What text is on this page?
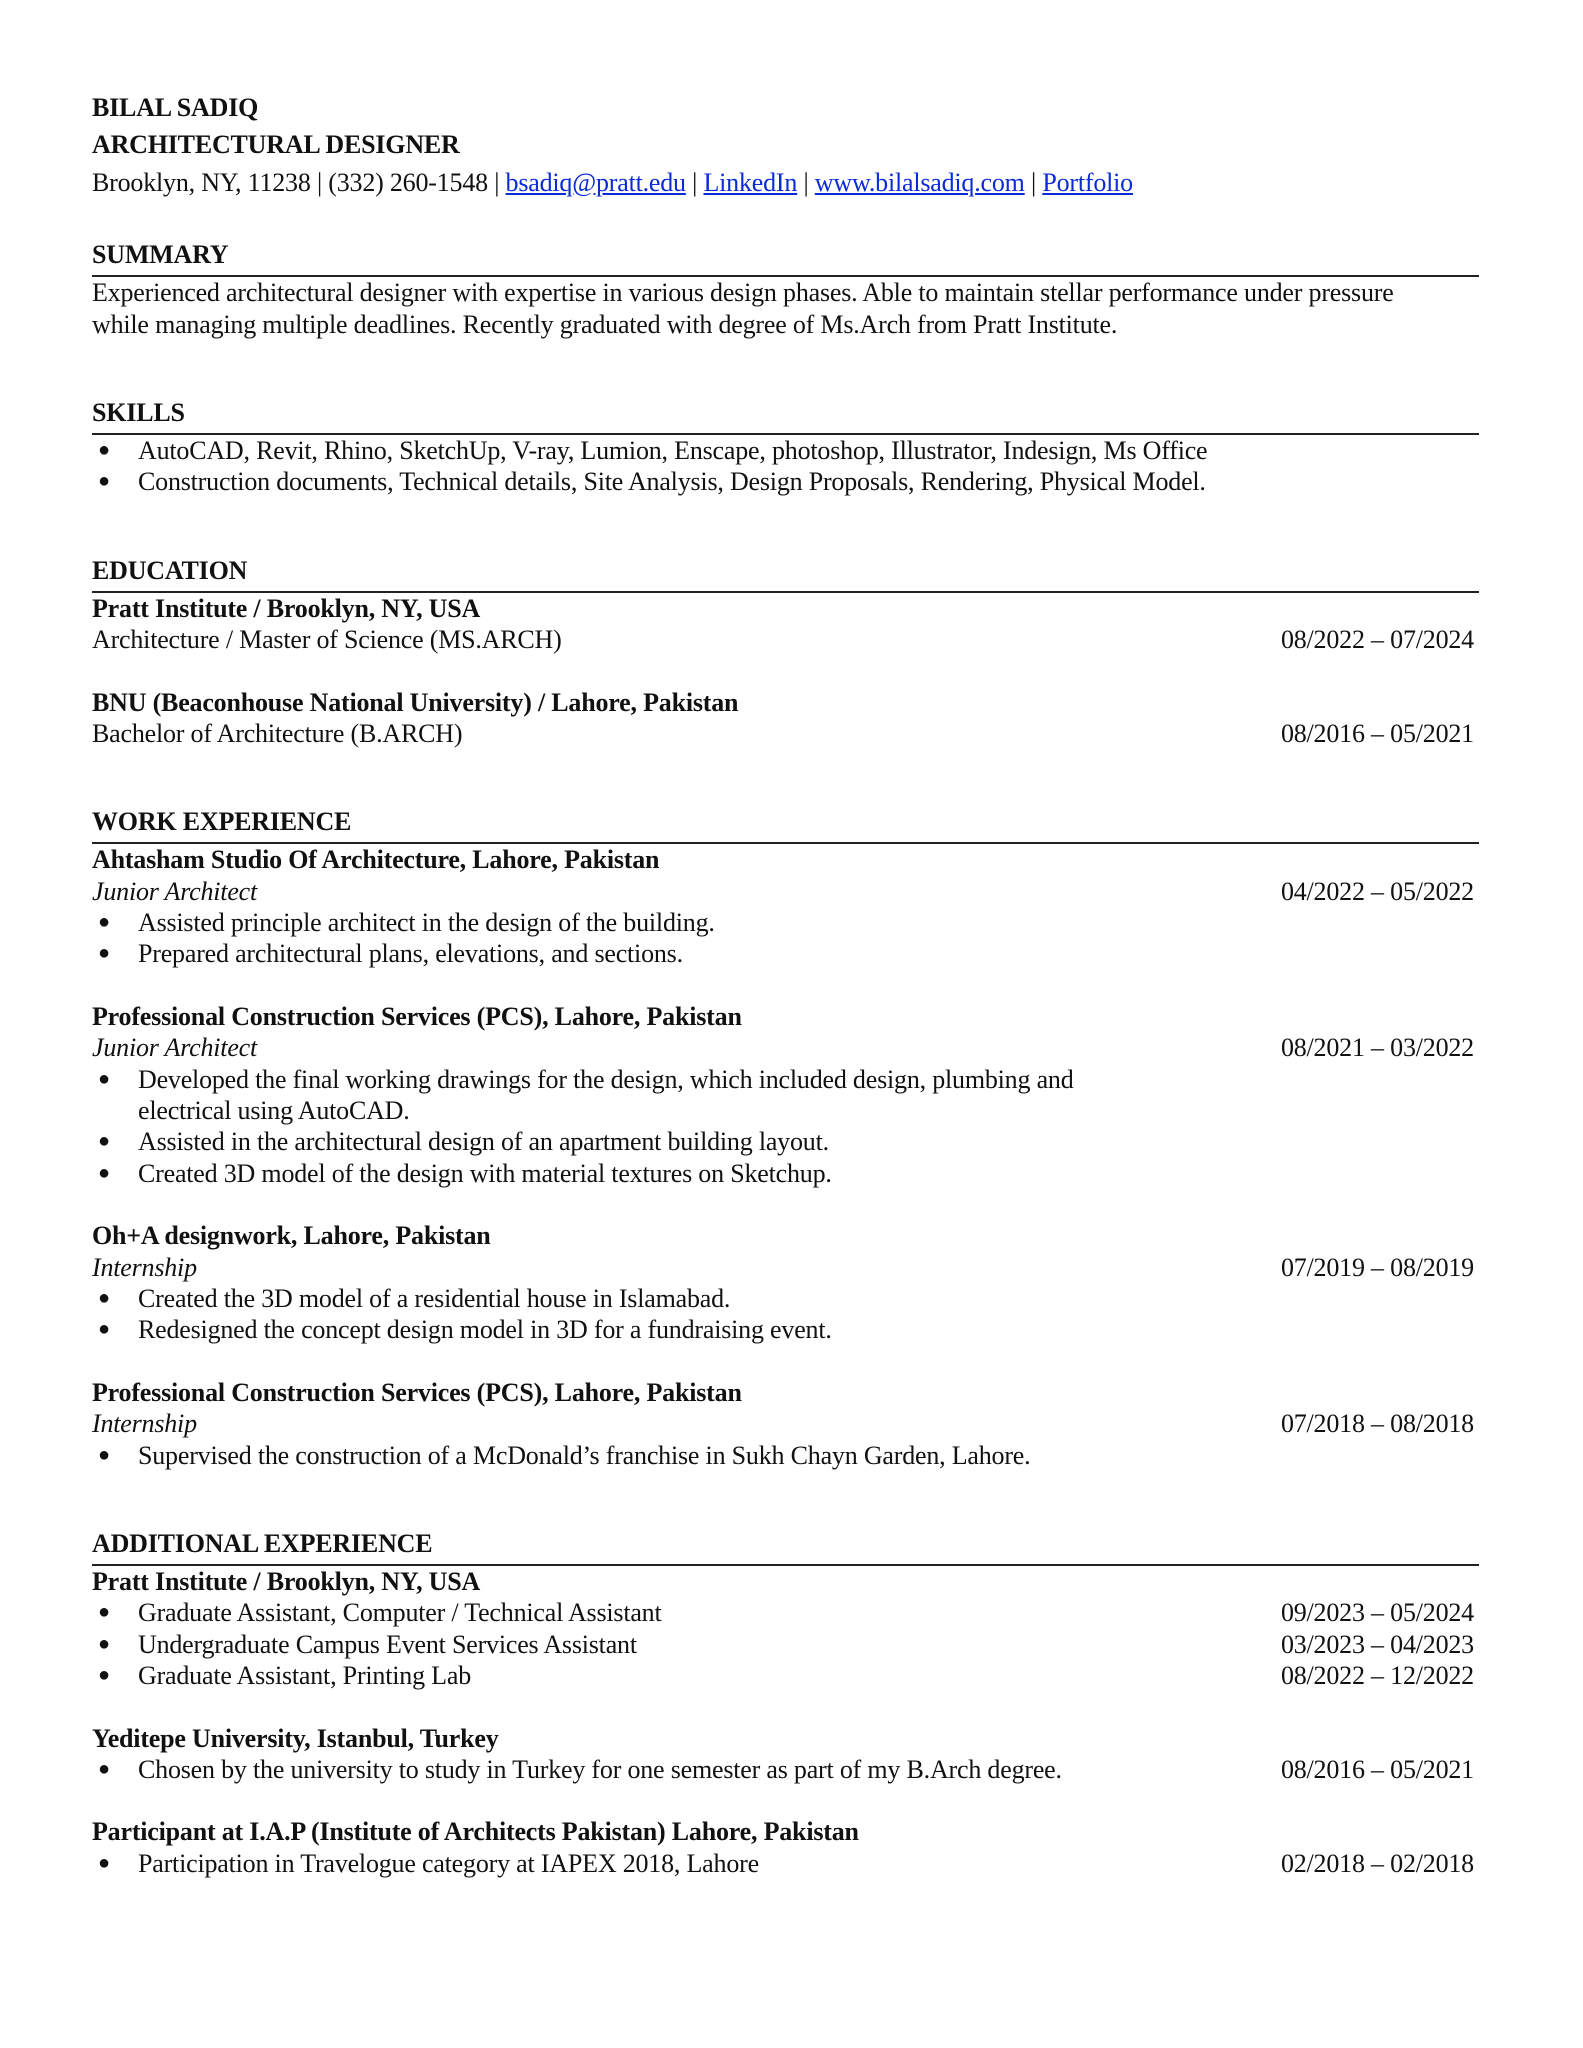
BILAL SADIQ
ARCHITECTURAL DESIGNER
Brooklyn, NY, 11238 | (332) 260-1548 | bsadiq@pratt.edu | LinkedIn | www.bilalsadiq.com | Portfolio
SUMMARY
Experienced architectural designer with expertise in various design phases. Able to maintain stellar performance under pressure
while managing multiple deadlines. Recently graduated with degree of Ms.Arch from Pratt Institute.
SKILLS
● AutoCAD, Revit, Rhino, SketchUp, V-ray, Lumion, Enscape, photoshop, Illustrator, Indesign, Ms Office
● Construction documents, Technical details, Site Analysis, Design Proposals, Rendering, Physical Model.
EDUCATION
Pratt Institute / Brooklyn, NY, USA
Architecture / Master of Science (MS.ARCH)	08/2022 – 07/2024
BNU (Beaconhouse National University) / Lahore, Pakistan
Bachelor of Architecture (B.ARCH)	08/2016 – 05/2021
WORK EXPERIENCE
Ahtasham Studio Of Architecture, Lahore, Pakistan
Junior Architect	04/2022 – 05/2022
● Assisted principle architect in the design of the building.
● Prepared architectural plans, elevations, and sections.
Professional Construction Services (PCS), Lahore, Pakistan
Junior Architect	08/2021 – 03/2022
● Developed the final working drawings for the design, which included design, plumbing and
electrical using AutoCAD.
● Assisted in the architectural design of an apartment building layout.
● Created 3D model of the design with material textures on Sketchup.
Oh+A designwork, Lahore, Pakistan
Internship	07/2019 – 08/2019
● Created the 3D model of a residential house in Islamabad.
● Redesigned the concept design model in 3D for a fundraising event.
Professional Construction Services (PCS), Lahore, Pakistan
Internship	07/2018 – 08/2018
● Supervised the construction of a McDonald’s franchise in Sukh Chayn Garden, Lahore.
ADDITIONAL EXPERIENCE
Pratt Institute / Brooklyn, NY, USA
● Graduate Assistant, Computer / Technical Assistant	09/2023 – 05/2024
● Undergraduate Campus Event Services Assistant	03/2023 – 04/2023
● Graduate Assistant, Printing Lab	08/2022 – 12/2022
Yeditepe University, Istanbul, Turkey
● Chosen by the university to study in Turkey for one semester as part of my B.Arch degree.	08/2016 – 05/2021
Participant at I.A.P (Institute of Architects Pakistan) Lahore, Pakistan
● Participation in Travelogue category at IAPEX 2018, Lahore	02/2018 – 02/2018
